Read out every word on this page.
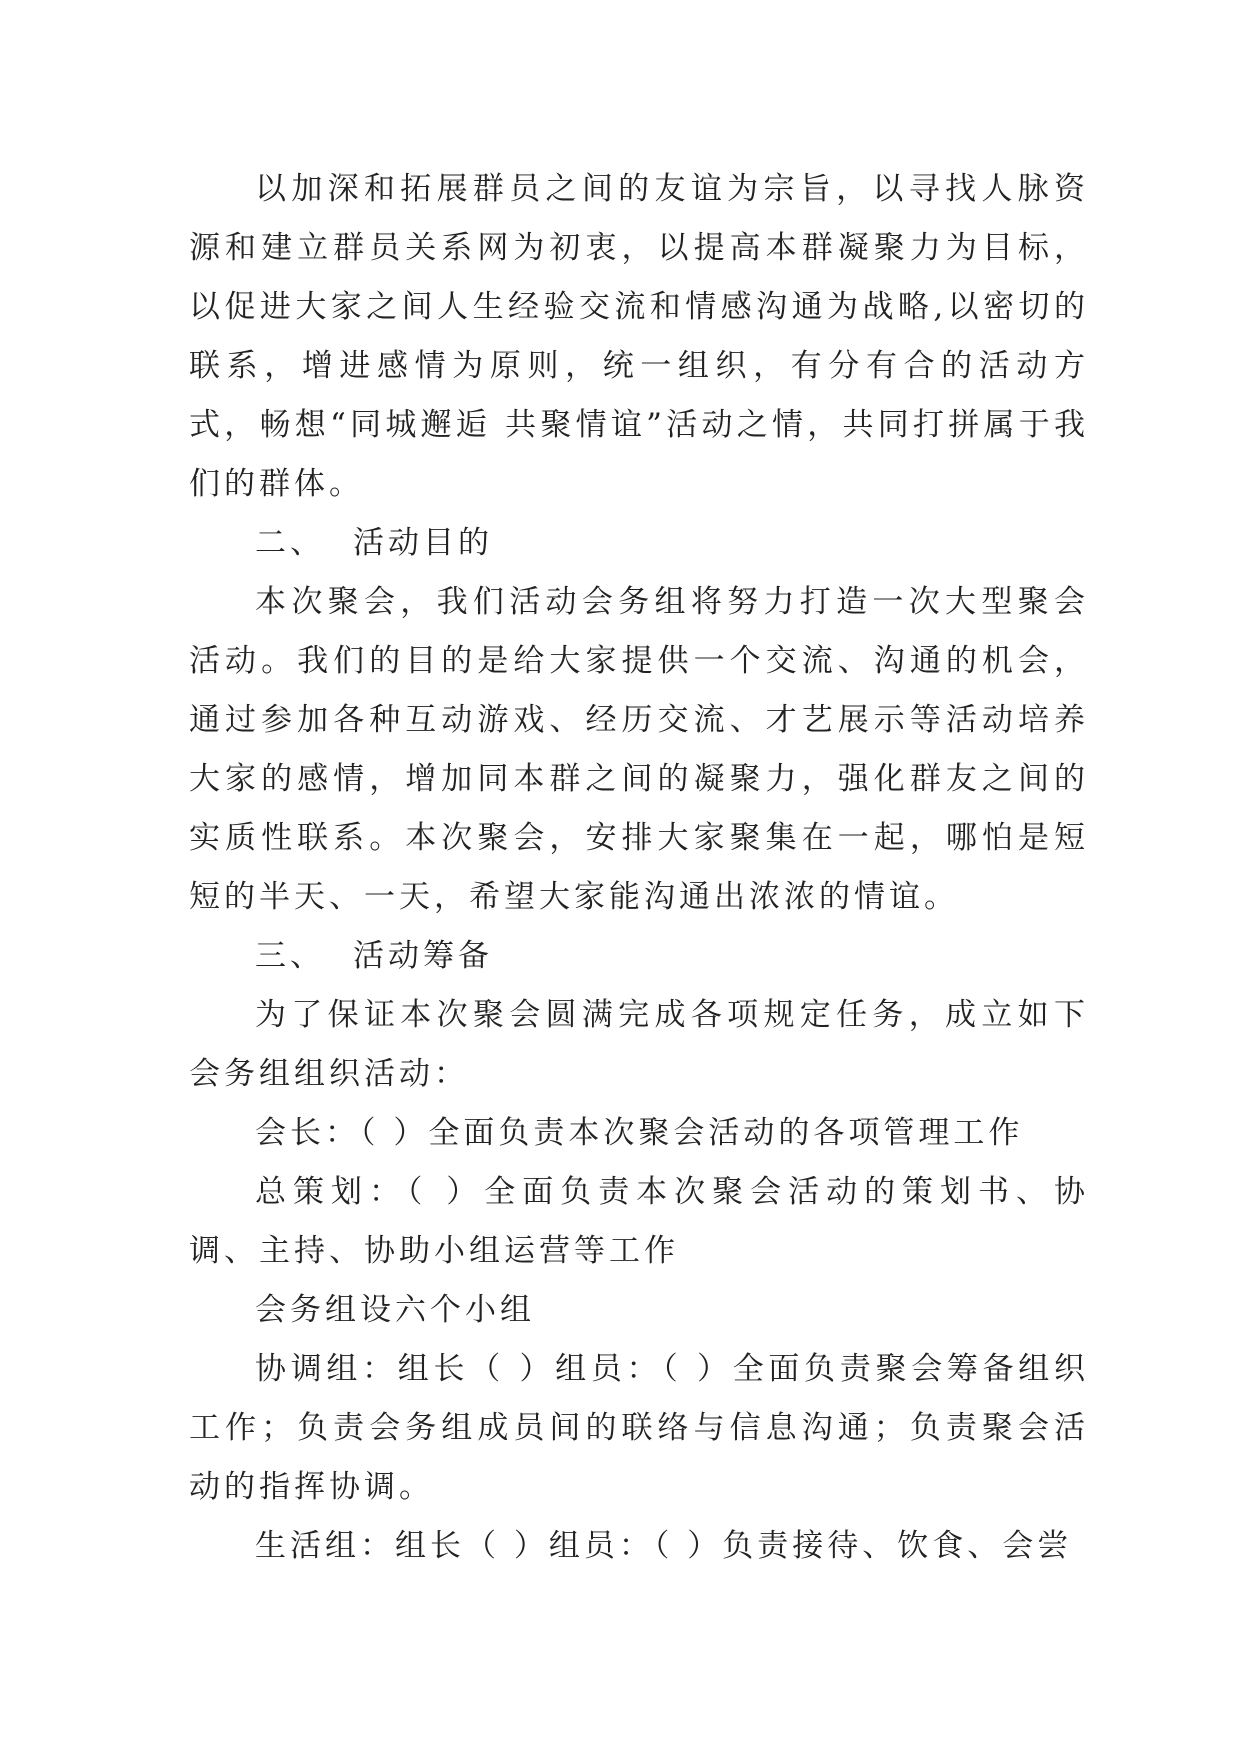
以加深和拓展群员之间的友谊为宗旨，以寻找人脉资源和建立群员关系网为初衷，以提高本群凝聚力为目标，以促进大家之间人生经验交流和情感沟通为战略,以密切的联系，增进感情为原则，统一组织，有分有合的活动方式，畅想“同城邂逅 共聚情谊”活动之情，共同打拼属于我们的群体。

二、 活动目的

本次聚会，我们活动会务组将努力打造一次大型聚会活动。我们的目的是给大家提供一个交流、沟通的机会，通过参加各种互动游戏、经历交流、才艺展示等活动培养大家的感情，增加同本群之间的凝聚力，强化群友之间的实质性联系。本次聚会，安排大家聚集在一起，哪怕是短短的半天、一天，希望大家能沟通出浓浓的情谊。

三、 活动筹备

为了保证本次聚会圆满完成各项规定任务，成立如下会务组组织活动：

会长：（ ）全面负责本次聚会活动的各项管理工作

总策划：（ ）全面负责本次聚会活动的策划书、协调、主持、协助小组运营等工作

会务组设六个小组

协调组：组长（ ）组员：（ ）全面负责聚会筹备组织工作；负责会务组成员间的联络与信息沟通；负责聚会活动的指挥协调。

生活组：组长（ ）组员：（ ）负责接待、饮食、会尝
